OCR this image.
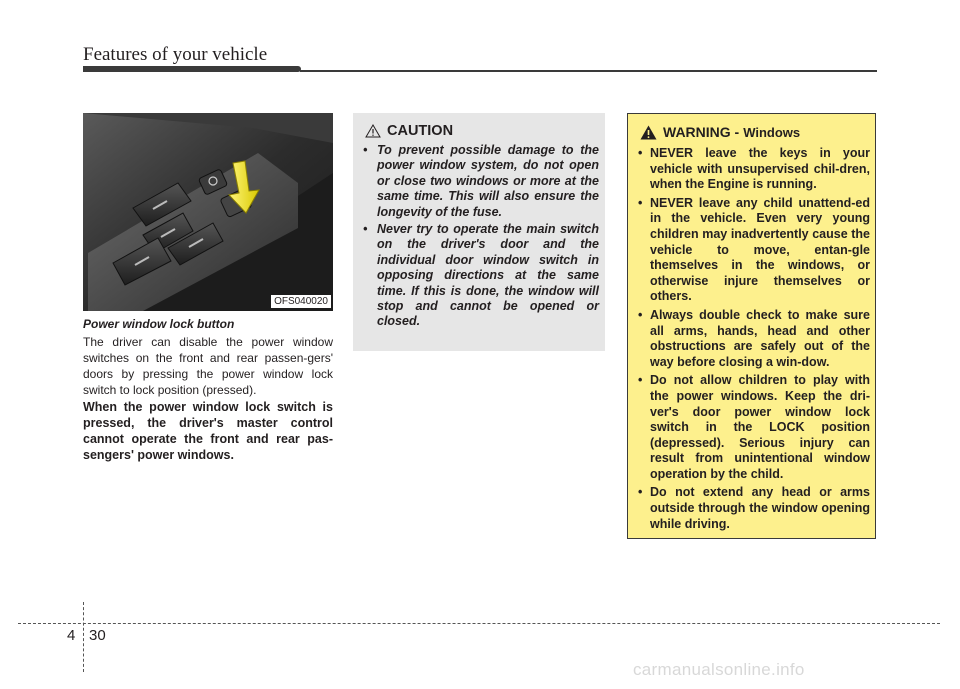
Features of your vehicle
OFS040020
Power window lock button

The driver can disable the power window switches on the front and rear passen-gers' doors by pressing the power window lock switch to lock position (pressed).

When the power window lock switch is pressed, the driver's master control cannot operate the front and rear pas-sengers' power windows.

CAUTION
• To prevent possible damage to the power window system, do not open or close two windows or more at the same time. This will also ensure the longevity of the fuse.
• Never try to operate the main switch on the driver's door and the individual door window switch in opposing directions at the same time. If this is done, the window will stop and cannot be opened or closed.
WARNING - Windows
• NEVER leave the keys in your vehicle with unsupervised chil-dren, when the Engine is running.
• NEVER leave any child unattend-ed in the vehicle. Even very young children may inadvertently cause the vehicle to move, entan-gle themselves in the windows, or otherwise injure themselves or others.
• Always double check to make sure all arms, hands, head and other obstructions are safely out of the way before closing a win-dow.
• Do not allow children to play with the power windows. Keep the dri-ver's door power window lock switch in the LOCK position (depressed). Serious injury can result from unintentional window operation by the child.
• Do not extend any head or arms outside through the window opening while driving.
4 30
carmanualsonline.info
